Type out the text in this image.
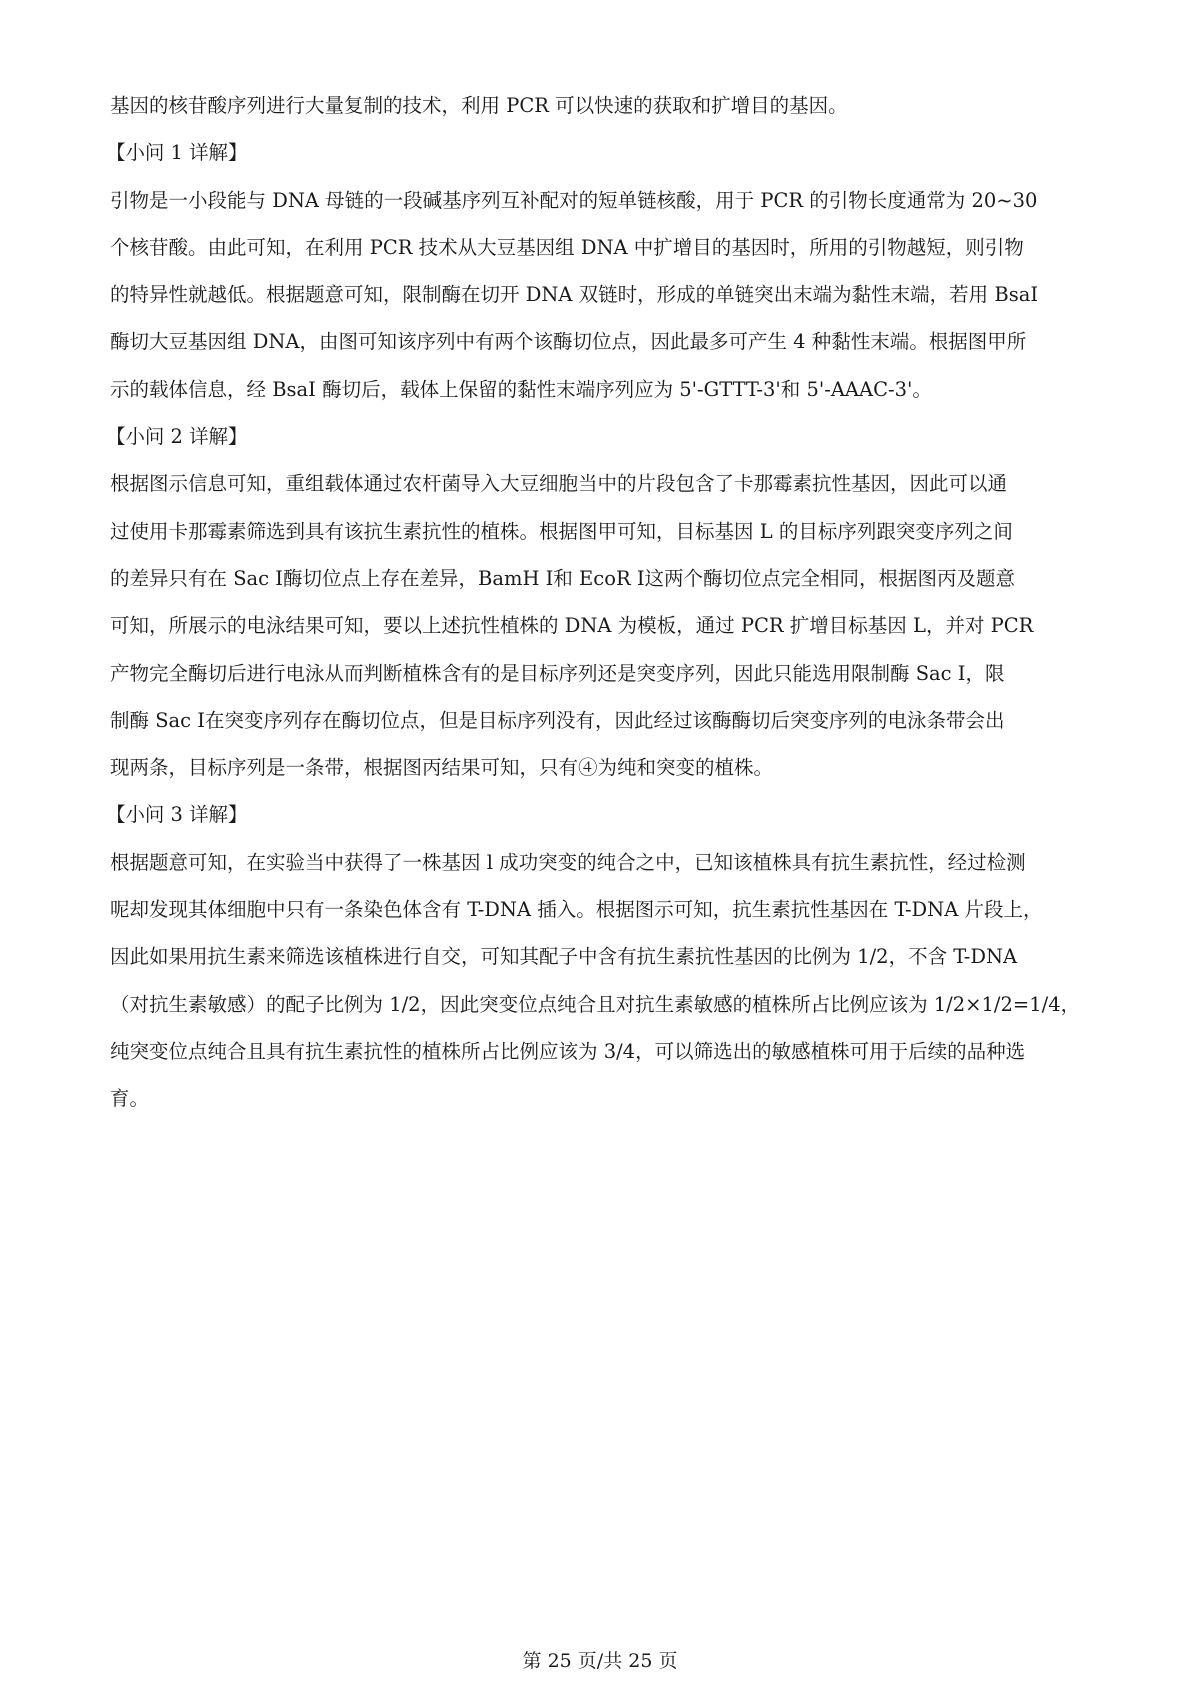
基因的核苷酸序列进行大量复制的技术，利用 PCR 可以快速的获取和扩增目的基因。
【小问 1 详解】
引物是一小段能与 DNA 母链的一段碱基序列互补配对的短单链核酸，用于 PCR 的引物长度通常为 20~30
个核苷酸。由此可知，在利用 PCR 技术从大豆基因组 DNA 中扩增目的基因时，所用的引物越短，则引物
的特异性就越低。根据题意可知，限制酶在切开 DNA 双链时，形成的单链突出末端为黏性末端，若用 BsaI
酶切大豆基因组 DNA，由图可知该序列中有两个该酶切位点，因此最多可产生 4 种黏性末端。根据图甲所
示的载体信息，经 BsaI 酶切后，载体上保留的黏性末端序列应为 5'-GTTT-3'和 5'-AAAC-3'。
【小问 2 详解】
根据图示信息可知，重组载体通过农杆菌导入大豆细胞当中的片段包含了卡那霉素抗性基因，因此可以通
过使用卡那霉素筛选到具有该抗生素抗性的植株。根据图甲可知，目标基因 L 的目标序列跟突变序列之间
的差异只有在 Sac Ⅰ酶切位点上存在差异，BamH Ⅰ和 EcoR Ⅰ这两个酶切位点完全相同，根据图丙及题意
可知，所展示的电泳结果可知，要以上述抗性植株的 DNA 为模板，通过 PCR 扩增目标基因 L，并对 PCR
产物完全酶切后进行电泳从而判断植株含有的是目标序列还是突变序列，因此只能选用限制酶 Sac Ⅰ，限
制酶 Sac Ⅰ在突变序列存在酶切位点，但是目标序列没有，因此经过该酶酶切后突变序列的电泳条带会出
现两条，目标序列是一条带，根据图丙结果可知，只有④为纯和突变的植株。
【小问 3 详解】
根据题意可知，在实验当中获得了一株基因 l 成功突变的纯合之中，已知该植株具有抗生素抗性，经过检测
呢却发现其体细胞中只有一条染色体含有 T-DNA 插入。根据图示可知，抗生素抗性基因在 T-DNA 片段上，
因此如果用抗生素来筛选该植株进行自交，可知其配子中含有抗生素抗性基因的比例为 1/2，不含 T-DNA
（对抗生素敏感）的配子比例为 1/2，因此突变位点纯合且对抗生素敏感的植株所占比例应该为 1/2×1/2=1/4，
纯突变位点纯合且具有抗生素抗性的植株所占比例应该为 3/4，可以筛选出的敏感植株可用于后续的品种选
育。
第 25 页/共 25 页
